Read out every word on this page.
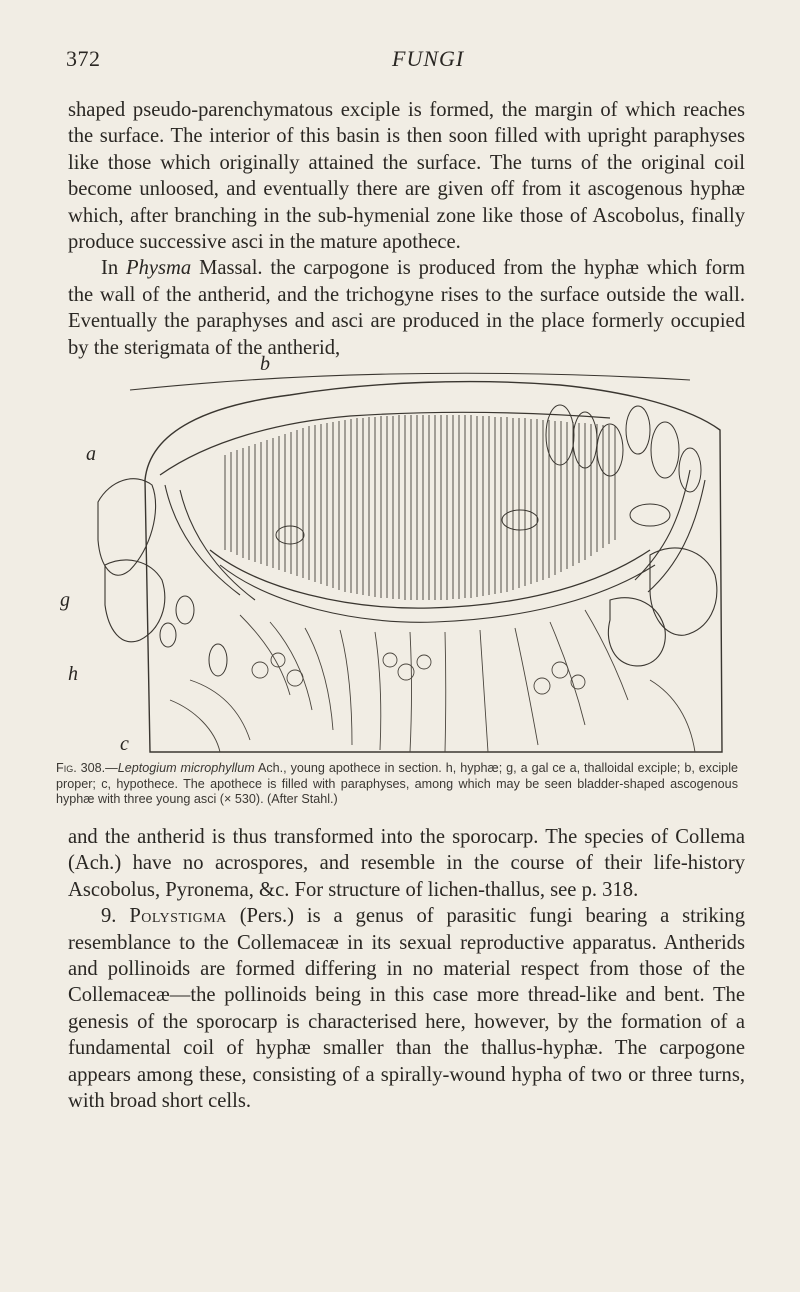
372	FUNGI

shaped pseudo-parenchymatous exciple is formed, the margin of which reaches the surface. The interior of this basin is then soon filled with upright paraphyses like those which originally attained the surface. The turns of the original coil become unloosed, and eventually there are given off from it ascogenous hyphæ which, after branching in the sub-hymenial zone like those of Ascobolus, finally produce successive asci in the mature apothece.

In Physma Massal. the carpogone is produced from the hyphæ which form the wall of the antherid, and the trichogyne rises to the surface outside the wall. Eventually the paraphyses and asci are produced in the place formerly occupied by the sterigmata of the antherid,

b
a
g
h
c

Fig. 308.—Leptogium microphyllum Ach., young apothece in section. h, hyphæ; g, a gal ce a, thalloidal exciple; b, exciple proper; c, hypothece. The apothece is filled with paraphyses, among which may be seen bladder-shaped ascogenous hyphæ with three young asci (× 530). (After Stahl.)

and the antherid is thus transformed into the sporocarp. The species of Collema (Ach.) have no acrospores, and resemble in the course of their life-history Ascobolus, Pyronema, &c. For structure of lichen-thallus, see p. 318.

9. Polystigma (Pers.) is a genus of parasitic fungi bearing a striking resemblance to the Collemaceæ in its sexual reproductive apparatus. Antherids and pollinoids are formed differing in no material respect from those of the Collemaceæ—the pollinoids being in this case more thread-like and bent. The genesis of the sporocarp is characterised here, however, by the formation of a fundamental coil of hyphæ smaller than the thallus-hyphæ. The carpogone appears among these, consisting of a spirally-wound hypha of two or three turns, with broad short cells.
